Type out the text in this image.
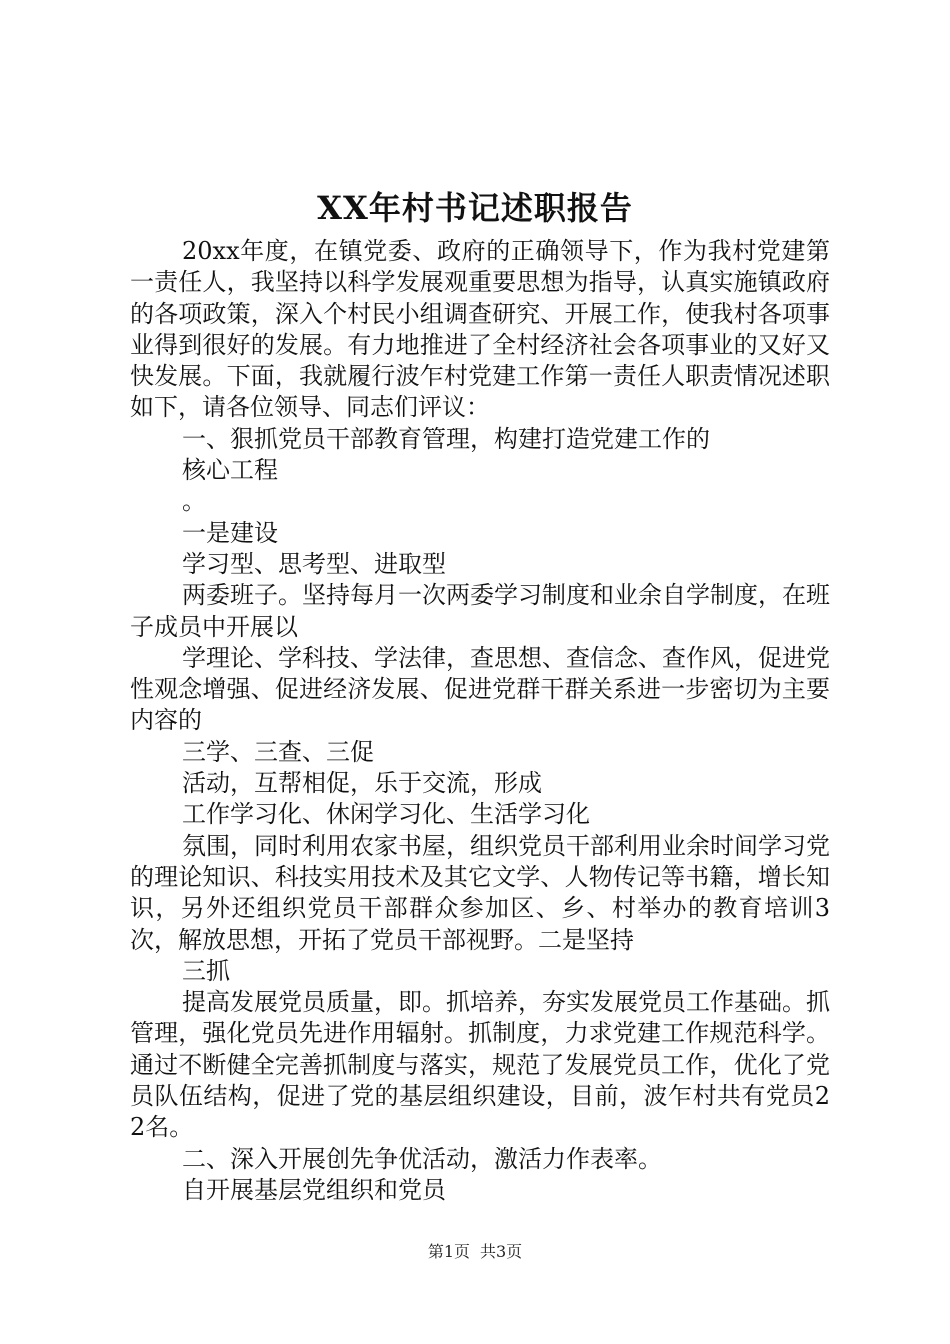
XX年村书记述职报告

20xx年度，在镇党委、政府的正确领导下，作为我村党建第一责任人，我坚持以科学发展观重要思想为指导，认真实施镇政府的各项政策，深入个村民小组调查研究、开展工作，使我村各项事业得到很好的发展。有力地推进了全村经济社会各项事业的又好又快发展。下面，我就履行波乍村党建工作第一责任人职责情况述职如下，请各位领导、同志们评议：

一、狠抓党员干部教育管理，构建打造党建工作的

核心工程

。

一是建设

学习型、思考型、进取型

两委班子。坚持每月一次两委学习制度和业余自学制度，在班子成员中开展以

学理论、学科技、学法律，查思想、查信念、查作风，促进党性观念增强、促进经济发展、促进党群干群关系进一步密切为主要内容的

三学、三查、三促

活动，互帮相促，乐于交流，形成

工作学习化、休闲学习化、生活学习化

氛围，同时利用农家书屋，组织党员干部利用业余时间学习党的理论知识、科技实用技术及其它文学、人物传记等书籍，增长知识，另外还组织党员干部群众参加区、乡、村举办的教育培训3次，解放思想，开拓了党员干部视野。二是坚持

三抓

提高发展党员质量，即。抓培养，夯实发展党员工作基础。抓管理，强化党员先进作用辐射。抓制度，力求党建工作规范科学。通过不断健全完善抓制度与落实，规范了发展党员工作，优化了党员队伍结构，促进了党的基层组织建设，目前，波乍村共有党员22名。

二、深入开展创先争优活动，激活力作表率。

自开展基层党组织和党员

第1页 共3页
